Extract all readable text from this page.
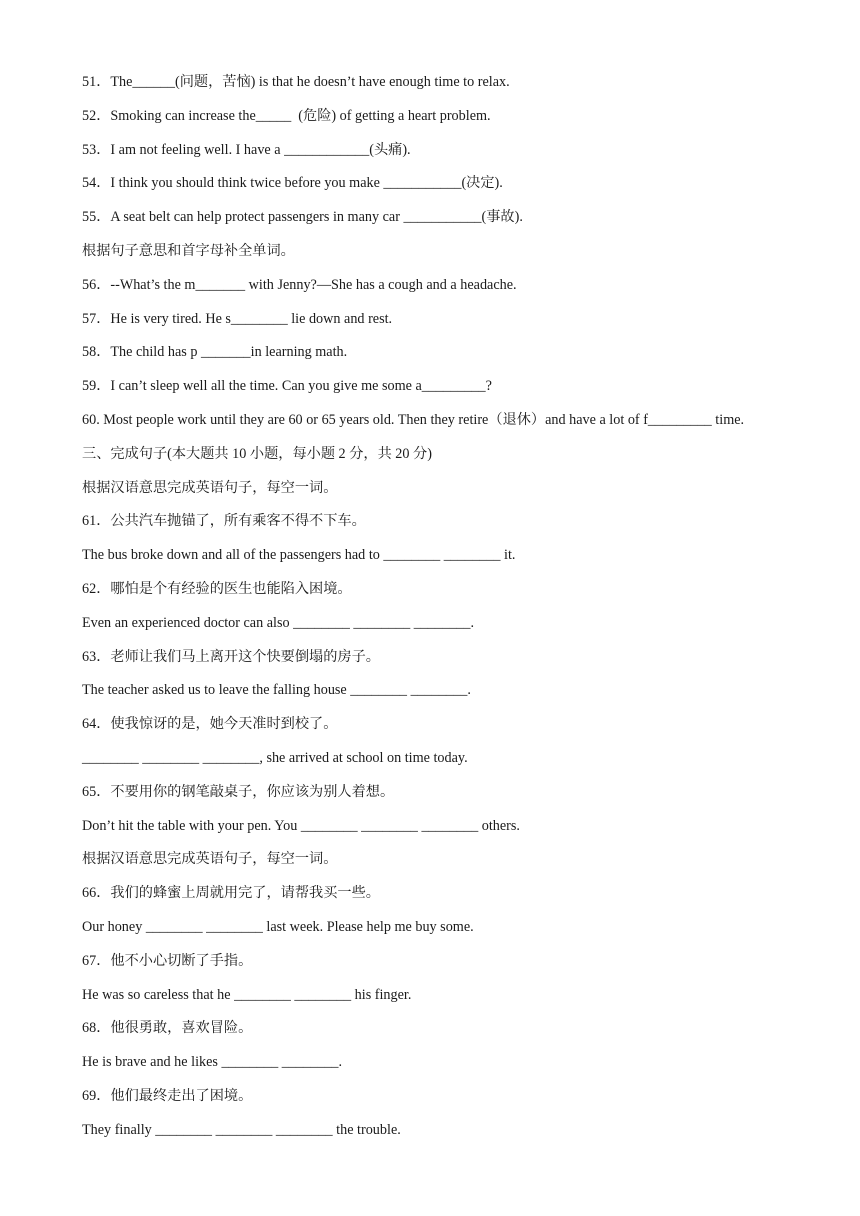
51．The______(问题，苦恼) is that he doesn’t have enough time to relax.
52．Smoking can increase the_____  (危险) of getting a heart problem.
53．I am not feeling well. I have a ____________(头痛).
54．I think you should think twice before you make ___________(决定).
55．A seat belt can help protect passengers in many car ___________(事故).
根据句子意思和首字母补全单词。
56．--What’s the m_______ with Jenny?—She has a cough and a headache.
57．He is very tired. He s________ lie down and rest.
58．The child has p _______in learning math.
59．I can’t sleep well all the time. Can you give me some a_________?
60. Most people work until they are 60 or 65 years old. Then they retire（退休）and have a lot of f_________ time.
三、完成句子(本大题共 10 小题，每小题 2 分，共 20 分)
根据汉语意思完成英语句子，每空一词。
61．公共汽车抛锚了，所有乘客不得不下车。
The bus broke down and all of the passengers had to ________ ________ it.
62．哪怕是个有经验的医生也能陷入困境。
Even an experienced doctor can also ________ ________ ________.
63．老师让我们马上离开这个快要倒塌的房子。
The teacher asked us to leave the falling house ________ ________.
64．使我惊讶的是，她今天准时到校了。
________ ________ ________, she arrived at school on time today.
65．不要用你的钢笔敲桌子，你应该为别人着想。
Don’t hit the table with your pen. You ________ ________ ________ others.
根据汉语意思完成英语句子，每空一词。
66．我们的蜂蜜上周就用完了，请帮我买一些。
Our honey ________ ________ last week. Please help me buy some.
67．他不小心切断了手指。
He was so careless that he ________ ________ his finger.
68．他很勇敢，喜欢冒险。
He is brave and he likes ________ ________.
69．他们最终走出了困境。
They finally ________ ________ ________ the trouble.
